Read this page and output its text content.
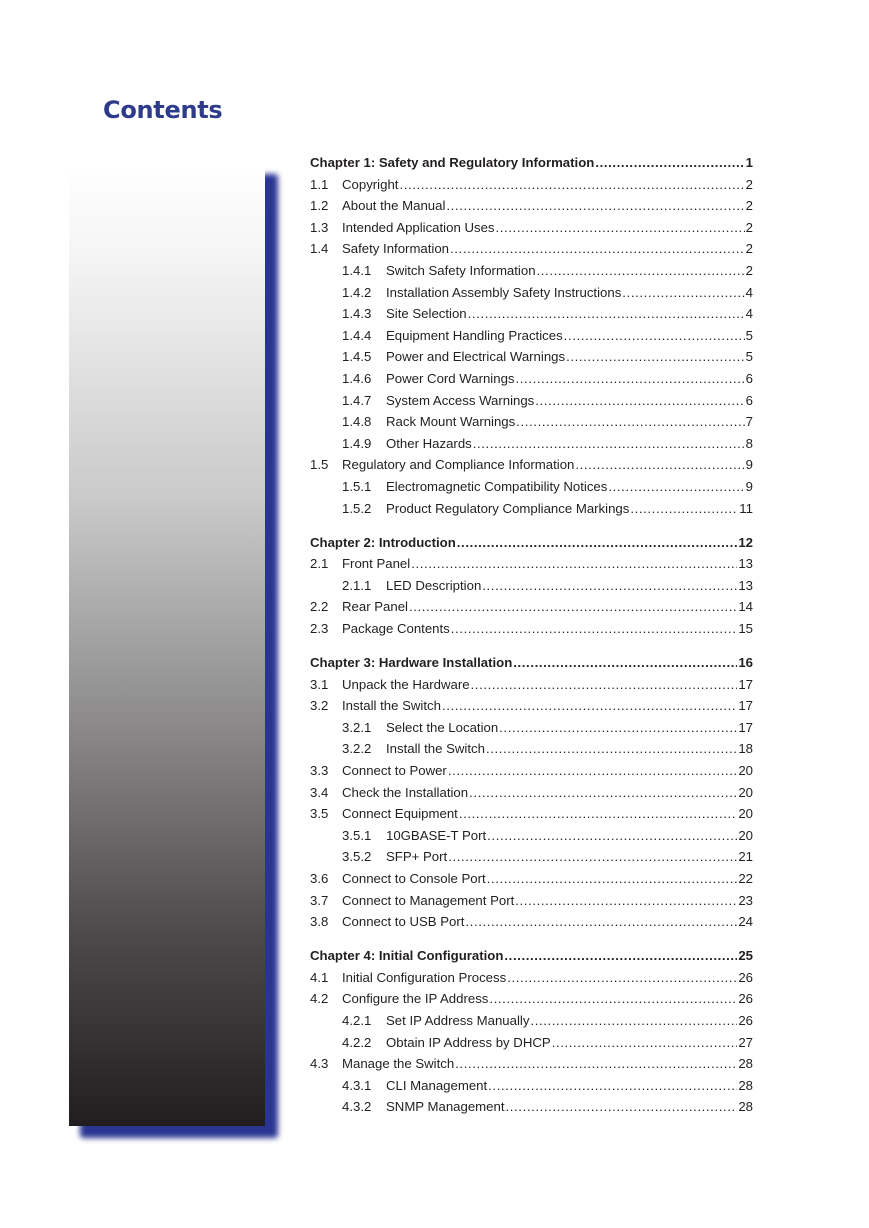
Contents
Chapter 1: Safety and Regulatory Information .....	1
1.1	Copyright .....	2
1.2	About the Manual .....	2
1.3	Intended Application Uses .....	2
1.4	Safety Information .....	2
1.4.1	Switch Safety Information .....	2
1.4.2	Installation Assembly Safety Instructions .....	4
1.4.3	Site Selection .....	4
1.4.4	Equipment Handling Practices .....	5
1.4.5	Power and Electrical Warnings .....	5
1.4.6	Power Cord Warnings .....	6
1.4.7	System Access Warnings .....	6
1.4.8	Rack Mount Warnings .....	7
1.4.9	Other Hazards .....	8
1.5	Regulatory and Compliance Information .....	9
1.5.1	Electromagnetic Compatibility Notices .....	9
1.5.2	Product Regulatory Compliance Markings .....	11
Chapter 2: Introduction .....	12
2.1	Front Panel .....	13
2.1.1	LED Description .....	13
2.2	Rear Panel .....	14
2.3	Package Contents .....	15
Chapter 3: Hardware Installation .....	16
3.1	Unpack the Hardware .....	17
3.2	Install the Switch .....	17
3.2.1	Select the Location .....	17
3.2.2	Install the Switch .....	18
3.3	Connect to Power .....	20
3.4	Check the Installation .....	20
3.5	Connect Equipment .....	20
3.5.1	10GBASE-T Port .....	20
3.5.2	SFP+ Port .....	21
3.6	Connect to Console Port .....	22
3.7	Connect to Management Port .....	23
3.8	Connect to USB Port .....	24
Chapter 4: Initial Configuration .....	25
4.1	Initial Configuration Process .....	26
4.2	Configure the IP Address .....	26
4.2.1	Set IP Address Manually .....	26
4.2.2	Obtain IP Address by DHCP .....	27
4.3	Manage the Switch .....	28
4.3.1	CLI Management .....	28
4.3.2	SNMP Management .....	28
